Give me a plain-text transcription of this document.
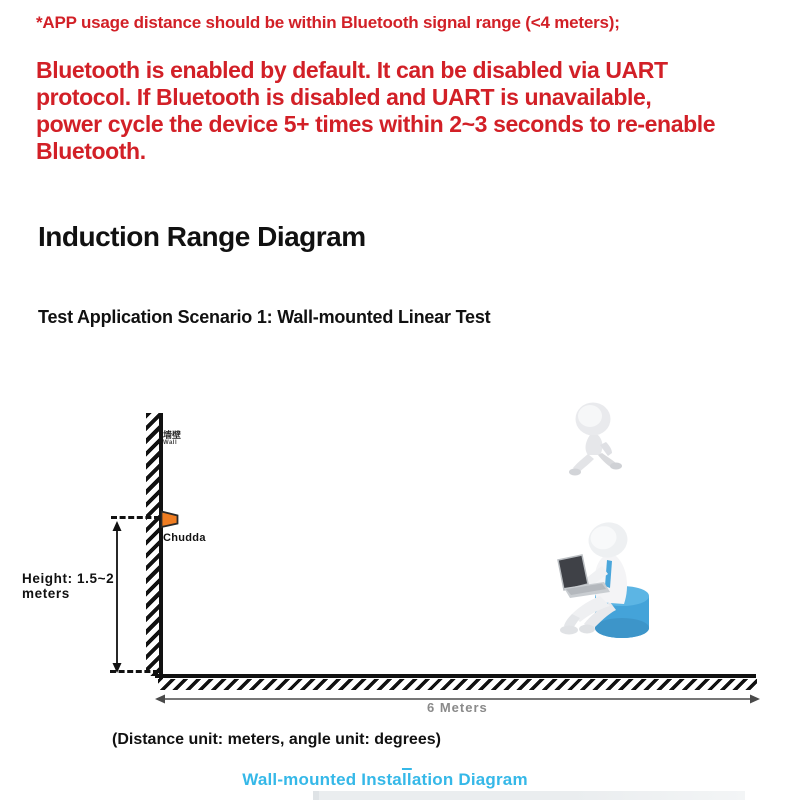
*APP usage distance should be within Bluetooth signal range (<4 meters);
Bluetooth is enabled by default. It can be disabled via UART
protocol. If Bluetooth is disabled and UART is unavailable,
power cycle the device 5+ times within 2~3 seconds to re-enable
Bluetooth.
Induction Range Diagram
Test Application Scenario 1: Wall-mounted Linear Test
墙壁
Wall
Chudda
Height: 1.5~2
meters
6 Meters
(Distance unit: meters, angle unit: degrees)
Wall-mounted $Insta\overline{ll}ation$ Diagram
